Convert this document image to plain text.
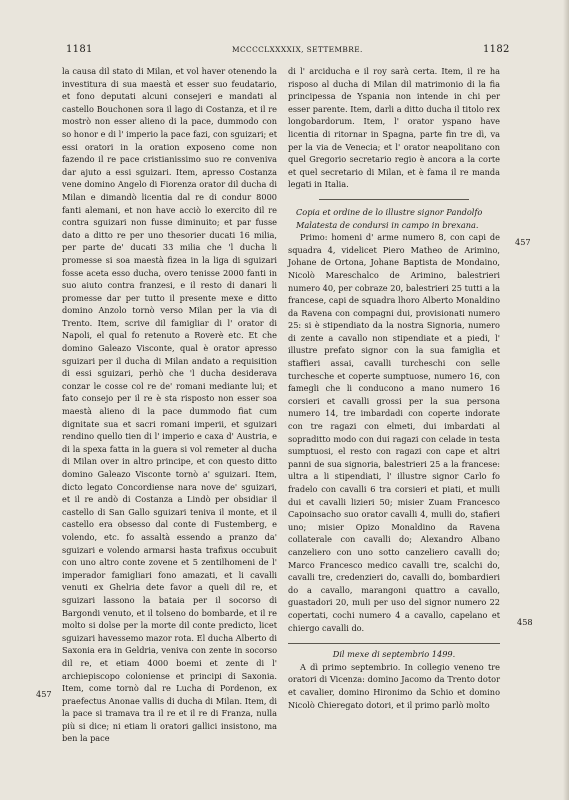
1181	MCCCCLXXXXIX, SETTEMBRE.	1182

la causa dil stato di Milan, et vol haver otenendo la investitura di sua maestà et esser suo feudatario, et fono deputati alcuni consejeri e mandati al castello Bouchonen sora il lago di Costanza, et il re mostrò non esser alieno di la pace, dummodo con so honor e di l' imperio la pace fazi, con sguizari; et essi oratori in la oration exposeno come non fazendo il re pace cristianissimo suo re conveniva dar ajuto a essi sguizari. Item, apresso Costanza vene domino Angelo di Fiorenza orator dil ducha di Milan e dimandò licentia dal re di condur 8000 fanti alemani, et non have acciò lo exercito dil re contra sguizari non fusse diminuito; et par fusse dato a ditto re per uno thesorier ducati 16 milia, per parte de' ducati 33 milia che 'l ducha li promesse si soa maestà fizea in la liga di sguizari fosse aceta esso ducha, overo tenisse 2000 fanti in suo aiuto contra franzesi, e il resto di danari li promesse dar per tutto il presente mexe e ditto domino Anzolo tornò verso Milan per la via di Trento. Item, scrive dil famigliar di l' orator di Napoli, el qual fo retenuto a Roverè etc. Et che domino Galeazo Visconte, qual è orator apresso sguizari per il ducha di Milan andato a requisition di essi sguizari, perhò che 'l ducha desiderava conzar le cosse col re de' romani mediante lui; et fato consejo per il re è sta risposto non esser soa maestà alieno di la pace dummodo fiat cum dignitate sua et sacri romani imperii, et sguizari rendino quello tien di l' imperio e caxa d' Austria, e di la spexa fatta in la guera si vol remeter al ducha di Milan over in altro principe, et con questo ditto domino Galeazo Visconte tornò a' sguizari. Item, dicto legato Concordiense nara nove de' sguizari, et il re andò di Costanza a Lindò per obsidiar il castello di San Gallo sguizari teniva il monte, et il castello era obsesso dal conte di Fustemberg, e volendo, etc. fo assaltà essendo a pranzo da' sguizari e volendo armarsi hasta trafixus occubuit con uno altro conte zovene et 5 zentilhomeni de l' imperador famigliari fono amazati, et li cavalli venuti ex Ghelria dete favor a queli dil re, et sguizari lassono la bataia per il socorso di Bargondi venuto, et il tolseno do bombarde, et il re molto si dolse per la morte dil conte predicto, licet sguizari havessemo mazor rota. El ducha Alberto di Saxonia era in Geldria, veniva con zente in socorso dil re, et etiam 4000 boemi et zente di l' archiepiscopo coloniense et principi di Saxonia. Item, come tornò dal re Lucha di Pordenon, ex praefectus Anonae vallis di ducha di Milan. Item, di la pace si tramava tra il re et il re di Franza, nulla più si dice; ni etiam li oratori gallici insistono, ma ben la pace

di l' arciducha e il roy sarà certa. Item, il re ha risposo al ducha di Milan dil matrimonio di la fia principessa de Yspania non intende in chi per esser parente. Item, darli a ditto ducha il titolo rex longobardorum. Item, l' orator yspano have licentia di ritornar in Spagna, parte fin tre dì, va per la via de Venecia; et l' orator neapolitano con quel Gregorio secretario regio è ancora a la corte et quel secretario di Milan, et è fama il re manda legati in Italia.

Copia et ordine de lo illustre signor Pandolfo Malatesta de condursi in campo in brexana.

Primo: homeni d' arme numero 8, con capi de squadra 4, videlicet Piero Matheo de Arimino, Johane de Ortona, Johane Baptista de Mondaino, Nicolò Mareschalco de Arimino, balestrieri numero 40, per cobraze 20, balestrieri 25 tutti a la francese, capi de squadra lhoro Alberto Monaldino da Ravena con compagni dui, provisionati numero 25: si è stipendiato da la nostra Signoria, numero di zente a cavallo non stipendiate et a piedi, l' illustre prefato signor con la sua famiglia et staffieri assai, cavalli turcheschi con selle turchesche et coperte sumptuose, numero 16, con famegli che li conducono a mano numero 16 corsieri et cavalli grossi per la sua persona numero 14, tre imbardadi con coperte indorate con tre ragazi con elmeti, dui imbardati al sopraditto modo con dui ragazi con celade in testa sumptuosi, el resto con ragazi con cape et altri panni de sua signoria, balestrieri 25 a la francese: ultra a li stipendiati, l' illustre signor Carlo fo fradelo con cavalli 6 tra corsieri et piati, et mulli dui et cavalli lizieri 50; misier Zuam Francesco Capoinsacho suo orator cavalli 4, mulli do, stafieri uno; misier Opizo Monaldino da Ravena collaterale con cavalli do; Alexandro Albano canzeliero con uno sotto canzeliero cavalli do; Marco Francesco medico cavalli tre, scalchi do, cavalli tre, credenzieri do, cavalli do, bombardieri do a cavallo, marangoni quattro a cavallo, guastadori 20, muli per uso del signor numero 22 copertati, cochi numero 4 a cavallo, capelano et chiergo cavalli do.

Dil mexe di septembrio 1499.

A dì primo septembrio. In collegio veneno tre oratori di Vicenza: domino Jacomo da Trento dotor et cavalier, domino Hironimo da Schio et domino Nicolò Chieregato dotori, et il primo parlò molto

457
457
458
